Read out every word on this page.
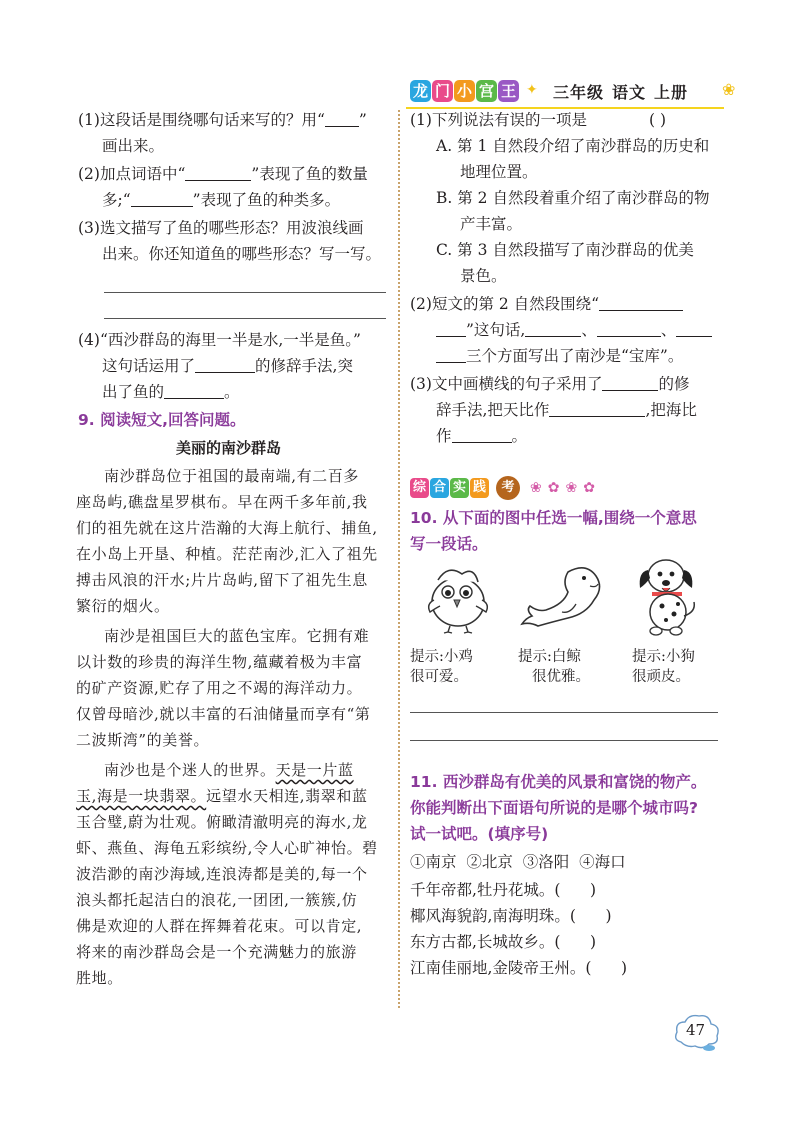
龙 门 小 宫 王 ✦ 三年级 语文 上册	❀
(1)这段话是围绕哪句话来写的？用“ ”
画出来。
(2)加点词语中“	”表现了鱼的数量
多;“	”表现了鱼的种类多。
(3)选文描写了鱼的哪些形态？用波浪线画
出来。你还知道鱼的哪些形态？写一写。
(4)“西沙群岛的海里一半是水,一半是鱼。”
这句话运用了	的修辞手法,突
出了鱼的	。
9. 阅读短文,回答问题。
美丽的南沙群岛
南沙群岛位于祖国的最南端,有二百多
座岛屿,礁盘星罗棋布。早在两千多年前,我
们的祖先就在这片浩瀚的大海上航行、捕鱼,
在小岛上开垦、种植。茫茫南沙,汇入了祖先
搏击风浪的汗水;片片岛屿,留下了祖先生息
繁衍的烟火。
南沙是祖国巨大的蓝色宝库。它拥有难
以计数的珍贵的海洋生物,蕴藏着极为丰富
的矿产资源,贮存了用之不竭的海洋动力。
仅曾母暗沙,就以丰富的石油储量而享有“第
二波斯湾”的美誉。
南沙也是个迷人的世界。天是一片蓝
玉,海是一块翡翠。远望水天相连,翡翠和蓝
玉合璧,蔚为壮观。俯瞰清澈明亮的海水,龙
虾、燕鱼、海龟五彩缤纷,令人心旷神怡。碧
波浩渺的南沙海域,连浪涛都是美的,每一个
浪头都托起洁白的浪花,一团团,一簇簇,仿
佛是欢迎的人群在挥舞着花束。可以肯定,
将来的南沙群岛会是一个充满魅力的旅游
胜地。
(1)下列说法有误的一项是	( )
A. 第 1 自然段介绍了南沙群岛的历史和
地理位置。
B. 第 2 自然段着重介绍了南沙群岛的物
产丰富。
C. 第 3 自然段描写了南沙群岛的优美
景色。
(2)短文的第 2 自然段围绕“
”这句话,	、	、
三个方面写出了南沙是“宝库”。
(3)文中画横线的句子采用了	的修
辞手法,把天比作	,把海比
作	。
综 合 实 践	考	❀✿❀✿
10. 从下面的图中任选一幅,围绕一个意思
写一段话。
提示:小鸡
很可爱。
提示:白鲸
很优雅。
提示:小狗
很顽皮。
11. 西沙群岛有优美的风景和富饶的物产。
你能判断出下面语句所说的是哪个城市吗?
试一试吧。(填序号)
①南京  ②北京  ③洛阳  ④海口
千年帝都,牡丹花城。(      )
椰风海貌韵,南海明珠。(      )
东方古都,长城故乡。(      )
江南佳丽地,金陵帝王州。(      )
47
